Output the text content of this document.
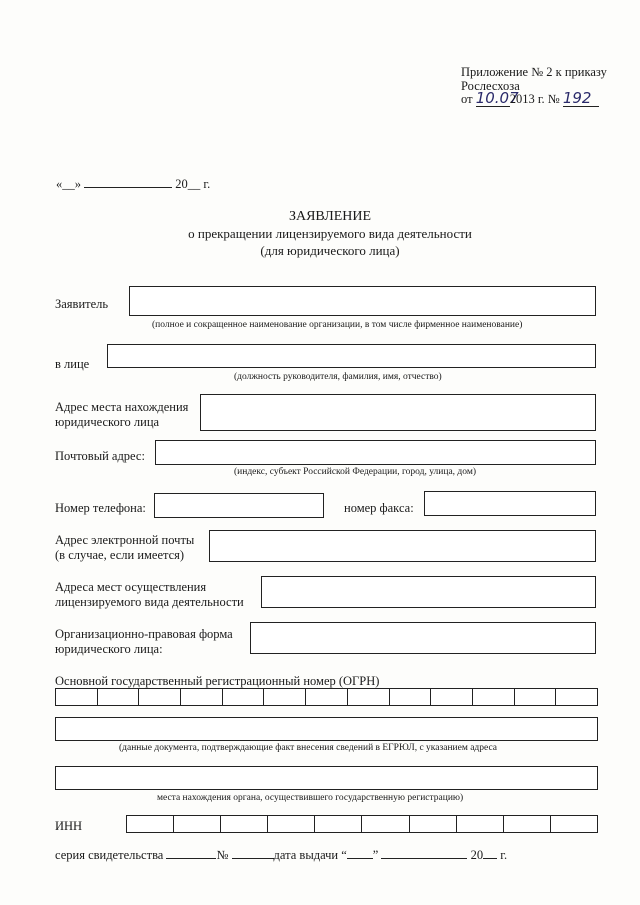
Приложение № 2 к приказу
Рослесхоза
от 10.072013 г. № 192
«__»	20__ г.
ЗАЯВЛЕНИЕ
о прекращении лицензируемого вида деятельности
(для юридического лица)
Заявитель
(полное и сокращенное наименование организации, в том числе фирменное наименование)
в лице
(должность руководителя, фамилия, имя, отчество)
Адрес места нахождения
юридического лица
Почтовый адрес:
(индекс, субъект Российской Федерации, город, улица, дом)
Номер телефона:	номер факса:
Адрес электронной почты
(в случае, если имеется)
Адреса мест осуществления
лицензируемого вида деятельности
Организационно-правовая форма
юридического лица:
Основной государственный регистрационный номер (ОГРН)
(данные документа, подтверждающие факт внесения сведений в ЕГРЮЛ, с указанием адреса
места нахождения органа, осуществившего государственную регистрацию)
ИНН
серия свидетельства	№	дата выдачи “ ”	20 г.
